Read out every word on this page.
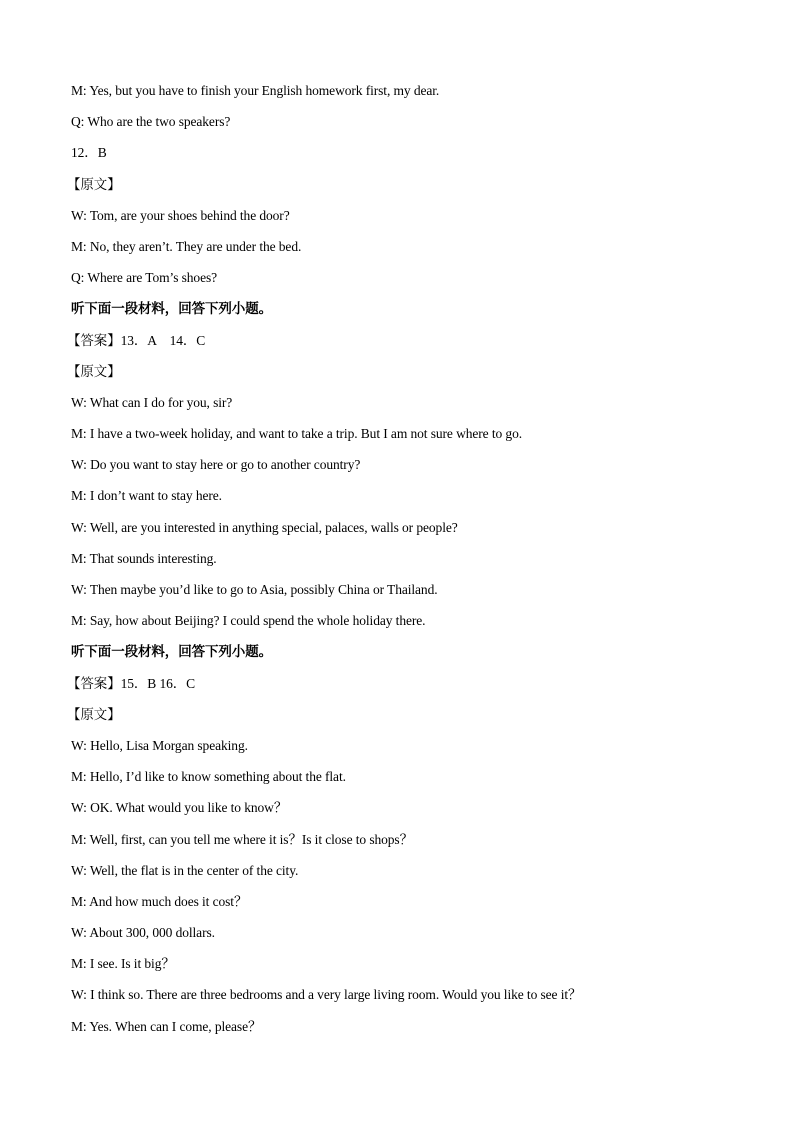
M: Yes, but you have to finish your English homework first, my dear.
Q: Who are the two speakers?
12．B
【原文】
W: Tom, are your shoes behind the door?
M: No, they aren’t. They are under the bed.
Q: Where are Tom’s shoes?
听下面一段材料，回答下列小题。
【答案】13．A　14．C
【原文】
W: What can I do for you, sir?
M: I have a two-week holiday, and want to take a trip. But I am not sure where to go.
W: Do you want to stay here or go to another country?
M: I don’t want to stay here.
W: Well, are you interested in anything special, palaces, walls or people?
M: That sounds interesting.
W: Then maybe you’d like to go to Asia, possibly China or Thailand.
M: Say, how about Beijing? I could spend the whole holiday there.
听下面一段材料，回答下列小题。
【答案】15．B 16．C
【原文】
W: Hello, Lisa Morgan speaking.
M: Hello, I’d like to know something about the flat.
W: OK. What would you like to know？
M: Well, first, can you tell me where it is？Is it close to shops？
W: Well, the flat is in the center of the city.
M: And how much does it cost？
W: About 300, 000 dollars.
M: I see. Is it big？
W: I think so. There are three bedrooms and a very large living room. Would you like to see it？
M: Yes. When can I come, please？
